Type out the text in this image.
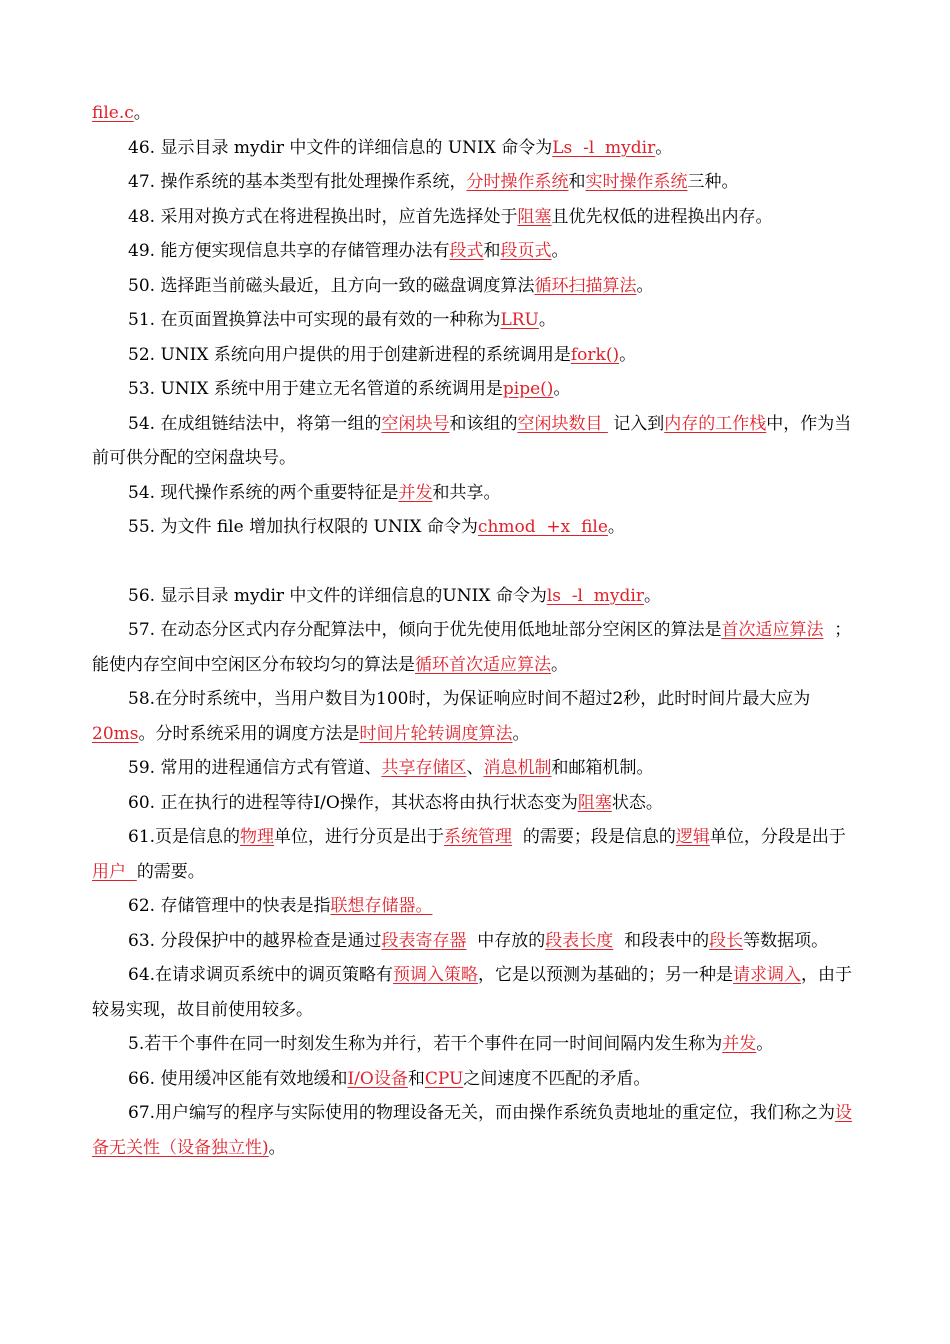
file.c。

46. 显示目录 mydir 中文件的详细信息的 UNIX 命令为Ls  -l  mydir。

47. 操作系统的基本类型有批处理操作系统，分时操作系统和实时操作系统三种。

48. 采用对换方式在将进程换出时，应首先选择处于阻塞且优先权低的进程换出内存。

49. 能方便实现信息共享的存储管理办法有段式和段页式。

50. 选择距当前磁头最近，且方向一致的磁盘调度算法循环扫描算法。

51. 在页面置换算法中可实现的最有效的一种称为LRU。

52. UNIX 系统向用户提供的用于创建新进程的系统调用是fork()。

53. UNIX 系统中用于建立无名管道的系统调用是pipe()。

54. 在成组链结法中，将第一组的空闲块号和该组的空闲块数目  记入到内存的工作栈中，作为当前可供分配的空闲盘块号。

54. 现代操作系统的两个重要特征是并发和共享。

55. 为文件 file 增加执行权限的 UNIX 命令为chmod  +x  file。

56. 显示目录 mydir 中文件的详细信息的UNIX 命令为ls  -l  mydir。

57. 在动态分区式内存分配算法中，倾向于优先使用低地址部分空闲区的算法是首次适应算法  ；能使内存空间中空闲区分布较均匀的算法是循环首次适应算法。

58.在分时系统中，当用户数目为100时，为保证响应时间不超过2秒，此时时间片最大应为20ms。分时系统采用的调度方法是时间片轮转调度算法。

59. 常用的进程通信方式有管道、共享存储区、消息机制和邮箱机制。

60. 正在执行的进程等待I/O操作，其状态将由执行状态变为阻塞状态。

61.页是信息的物理单位，进行分页是出于系统管理  的需要；段是信息的逻辑单位，分段是出于用户  的需要。

62. 存储管理中的快表是指联想存储器。

63. 分段保护中的越界检查是通过段表寄存器  中存放的段表长度  和段表中的段长等数据项。

64.在请求调页系统中的调页策略有预调入策略，它是以预测为基础的；另一种是请求调入，由于较易实现，故目前使用较多。

5.若干个事件在同一时刻发生称为并行，若干个事件在同一时间间隔内发生称为并发。

66. 使用缓冲区能有效地缓和I/O设备和CPU之间速度不匹配的矛盾。

67.用户编写的程序与实际使用的物理设备无关，而由操作系统负责地址的重定位，我们称之为设备无关性（设备独立性)。
